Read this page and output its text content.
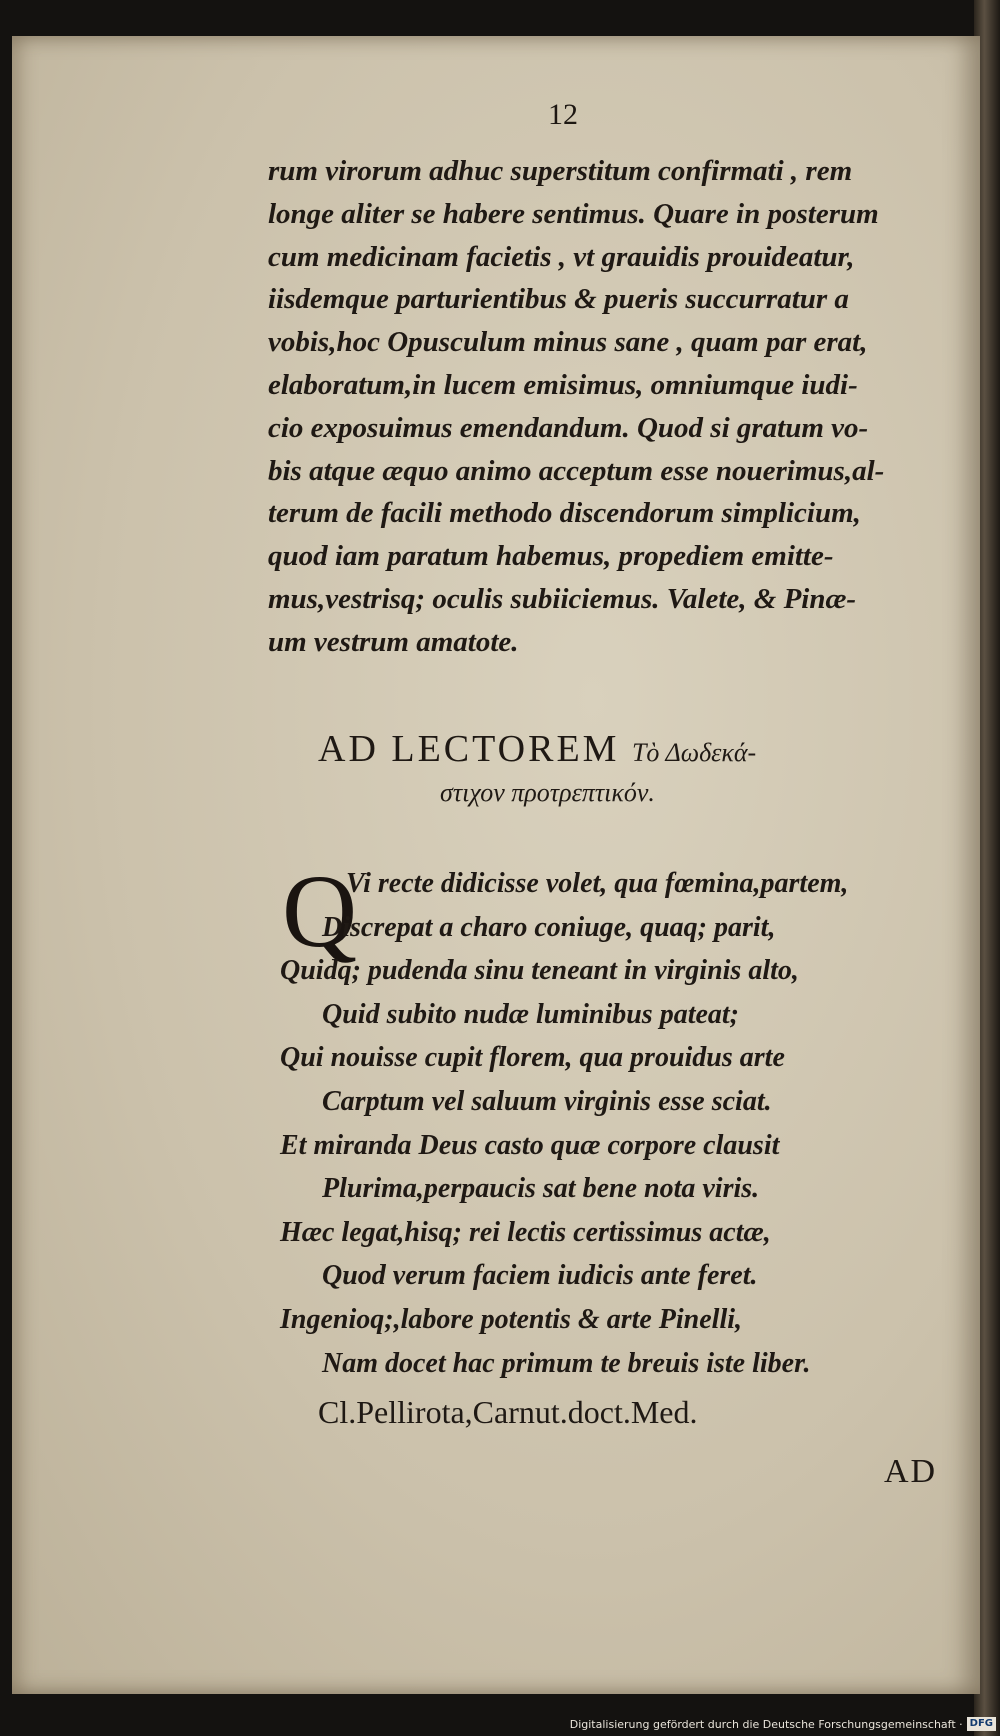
12
rum virorum adhuc superstitum confirmati , rem
longe aliter se habere sentimus. Quare in posterum
cum medicinam facietis , vt grauidis prouideatur,
iisdemque parturientibus & pueris succurratur a
vobis,hoc Opusculum minus sane , quam par erat,
elaboratum,in lucem emisimus, omniumque iudi-
cio exposuimus emendandum. Quod si gratum vo-
bis atque æquo animo acceptum esse nouerimus,al-
terum de facili methodo discendorum simplicium,
quod iam paratum habemus, propediem emitte-
mus,vestrisq; oculis subiiciemus. Valete, & Pinæ-
um vestrum amatote.
AD LECTOREM Τὸ Δωδεκά-
στιχον προτρεπτικόν.
Q
Vi recte didicisse volet, qua fœmina,partem,
Discrepat a charo coniuge, quaq; parit,
Quidq; pudenda sinu teneant in virginis alto,
Quid subito nudæ luminibus pateat;
Qui nouisse cupit florem, qua prouidus arte
Carptum vel saluum virginis esse sciat.
Et miranda Deus casto quæ corpore clausit
Plurima,perpaucis sat bene nota viris.
Hæc legat,hisq; rei lectis certissimus actæ,
Quod verum faciem iudicis ante feret.
Ingenioq;,labore potentis & arte Pinelli,
Nam docet hac primum te breuis iste liber.
Cl.Pellirota,Carnut.doct.Med.
AD
Digitalisierung gefördert durch die Deutsche Forschungsgemeinschaft · DFG
